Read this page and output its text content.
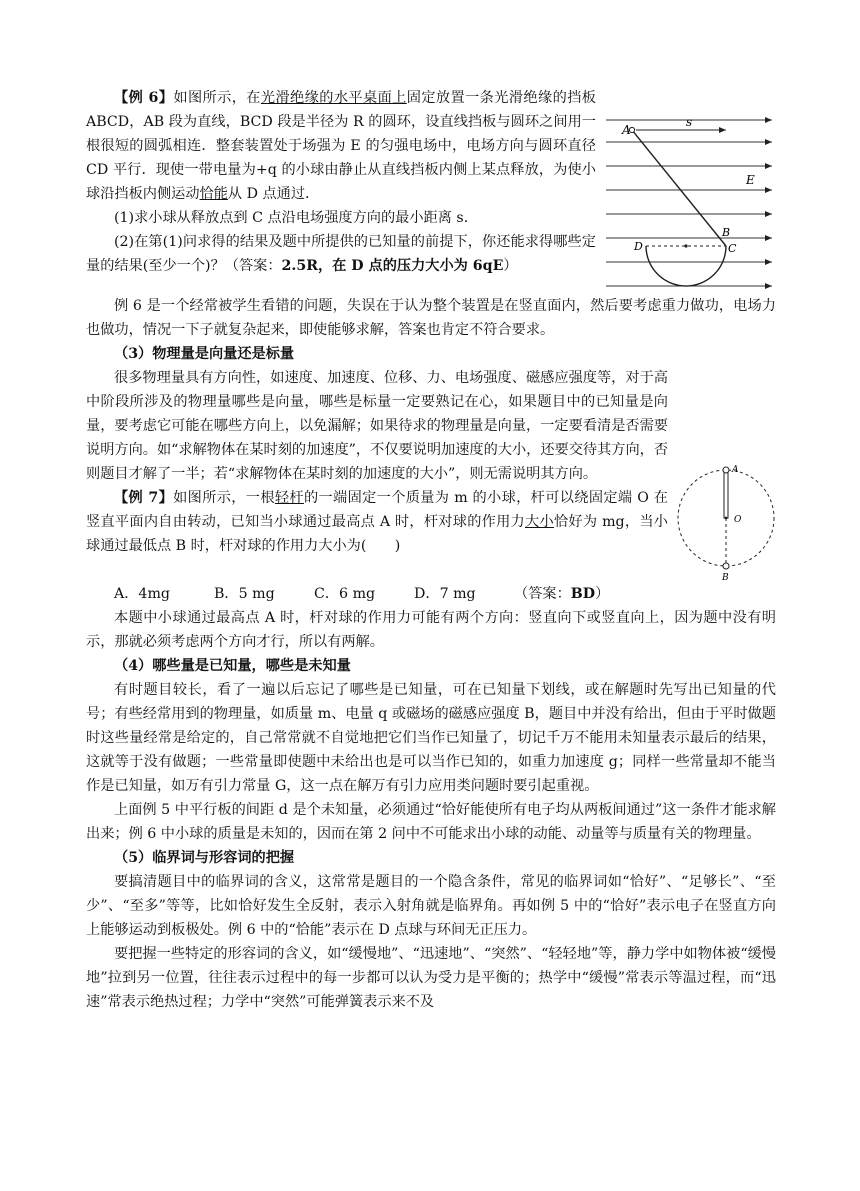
A
s
E
B
C
D

【例 6】如图所示，在光滑绝缘的水平桌面上固定放置一条光滑绝缘的挡板 ABCD，AB 段为直线，BCD 段是半径为 R 的圆环，设直线挡板与圆环之间用一根很短的圆弧相连．整套装置处于场强为 E 的匀强电场中，电场方向与圆环直径 CD 平行．现使一带电量为+q 的小球由静止从直线挡板内侧上某点释放，为使小球沿挡板内侧运动恰能从 D 点通过．

(1)求小球从释放点到 C 点沿电场强度方向的最小距离 s．

(2)在第(1)问求得的结果及题中所提供的已知量的前提下，你还能求得哪些定量的结果(至少一个)？（答案：2.5R，在 D 点的压力大小为 6qE）

例 6 是一个经常被学生看错的问题，失误在于认为整个装置是在竖直面内，然后要考虑重力做功，电场力也做功，情况一下子就复杂起来，即使能够求解，答案也肯定不符合要求。

（3）物理量是向量还是标量

A
O
B

很多物理量具有方向性，如速度、加速度、位移、力、电场强度、磁感应强度等，对于高中阶段所涉及的物理量哪些是向量，哪些是标量一定要熟记在心，如果题目中的已知量是向量，要考虑它可能在哪些方向上，以免漏解；如果待求的物理量是向量，一定要看清是否需要说明方向。如“求解物体在某时刻的加速度”，不仅要说明加速度的大小，还要交待其方向，否则题目才解了一半；若“求解物体在某时刻的加速度的大小”，则无需说明其方向。

【例 7】如图所示，一根轻杆的一端固定一个质量为 m 的小球，杆可以绕固定端 O 在竖直平面内自由转动，已知当小球通过最高点 A 时，杆对球的作用力大小恰好为 mg，当小球通过最低点 B 时，杆对球的作用力大小为(　　)

A．4mg	B．5 mg	C．6 mg	D．7 mg	（答案：BD）

本题中小球通过最高点 A 时，杆对球的作用力可能有两个方向：竖直向下或竖直向上，因为题中没有明示，那就必须考虑两个方向才行，所以有两解。

（4）哪些量是已知量，哪些是未知量

有时题目较长，看了一遍以后忘记了哪些是已知量，可在已知量下划线，或在解题时先写出已知量的代号；有些经常用到的物理量，如质量 m、电量 q 或磁场的磁感应强度 B，题目中并没有给出，但由于平时做题时这些量经常是给定的，自己常常就不自觉地把它们当作已知量了，切记千万不能用未知量表示最后的结果，这就等于没有做题；一些常量即使题中未给出也是可以当作已知的，如重力加速度 g；同样一些常量却不能当作是已知量，如万有引力常量 G，这一点在解万有引力应用类问题时要引起重视。

上面例 5 中平行板的间距 d 是个未知量，必须通过“恰好能使所有电子均从两板间通过”这一条件才能求解出来；例 6 中小球的质量是未知的，因而在第 2 问中不可能求出小球的动能、动量等与质量有关的物理量。

（5）临界词与形容词的把握

要搞清题目中的临界词的含义，这常常是题目的一个隐含条件，常见的临界词如“恰好”、“足够长”、“至少”、“至多”等等，比如恰好发生全反射，表示入射角就是临界角。再如例 5 中的“恰好”表示电子在竖直方向上能够运动到板极处。例 6 中的“恰能”表示在 D 点球与环间无正压力。

要把握一些特定的形容词的含义，如“缓慢地”、“迅速地”、“突然”、“轻轻地”等，静力学中如物体被“缓慢地”拉到另一位置，往往表示过程中的每一步都可以认为受力是平衡的；热学中“缓慢”常表示等温过程，而“迅速”常表示绝热过程；力学中“突然”可能弹簧表示来不及
